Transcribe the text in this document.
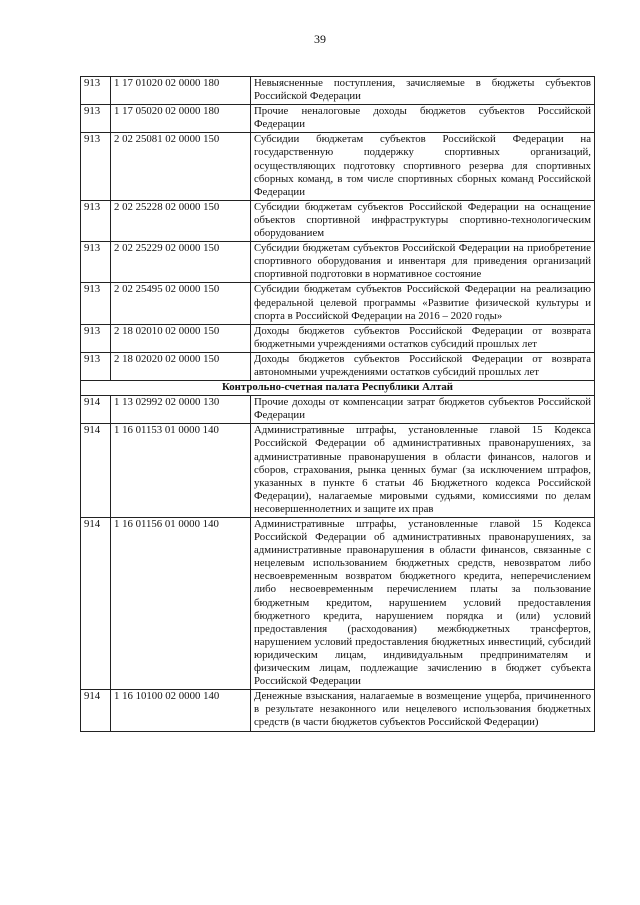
39
913	1 17 01020 02 0000 180	Невыясненные поступления, зачисляемые в бюджеты субъектов Российской Федерации
913	1 17 05020 02 0000 180	Прочие неналоговые доходы бюджетов субъектов Российской Федерации
913	2 02 25081 02 0000 150	Субсидии бюджетам субъектов Российской Федерации на государственную поддержку спортивных организаций, осуществляющих подготовку спортивного резерва для спортивных сборных команд, в том числе спортивных сборных команд Российской Федерации
913	2 02 25228 02 0000 150	Субсидии бюджетам субъектов Российской Федерации на оснащение объектов спортивной инфраструктуры спортивно-технологическим оборудованием
913	2 02 25229 02 0000 150	Субсидии бюджетам субъектов Российской Федерации на приобретение спортивного оборудования и инвентаря для приведения организаций спортивной подготовки в нормативное состояние
913	2 02 25495 02 0000 150	Субсидии бюджетам субъектов Российской Федерации на реализацию федеральной целевой программы «Развитие физической культуры и спорта в Российской Федерации на 2016 – 2020 годы»
913	2 18 02010 02 0000 150	Доходы бюджетов субъектов Российской Федерации от возврата бюджетными учреждениями остатков субсидий прошлых лет
913	2 18 02020 02 0000 150	Доходы бюджетов субъектов Российской Федерации от возврата автономными учреждениями остатков субсидий прошлых лет
Контрольно-счетная палата Республики Алтай		
914	1 13 02992 02 0000 130	Прочие доходы от компенсации затрат бюджетов субъектов Российской Федерации
914	1 16 01153 01 0000 140	Административные штрафы, установленные главой 15 Кодекса Российской Федерации об административных правонарушениях, за административные правонарушения в области финансов, налогов и сборов, страхования, рынка ценных бумаг (за исключением штрафов, указанных в пункте 6 статьи 46 Бюджетного кодекса Российской Федерации), налагаемые мировыми судьями, комиссиями по делам несовершеннолетних и защите их прав
914	1 16 01156 01 0000 140	Административные штрафы, установленные главой 15 Кодекса Российской Федерации об административных правонарушениях, за административные правонарушения в области финансов, связанные с нецелевым использованием бюджетных средств, невозвратом либо несвоевременным возвратом бюджетного кредита, неперечислением либо несвоевременным перечислением платы за пользование бюджетным кредитом, нарушением условий предоставления бюджетного кредита, нарушением порядка и (или) условий предоставления (расходования) межбюджетных трансфертов, нарушением условий предоставления бюджетных инвестиций, субсидий юридическим лицам, индивидуальным предпринимателям и физическим лицам, подлежащие зачислению в бюджет субъекта Российской Федерации
914	1 16 10100 02 0000 140	Денежные взыскания, налагаемые в возмещение ущерба, причиненного в результате незаконного или нецелевого использования бюджетных средств (в части бюджетов субъектов Российской Федерации)
